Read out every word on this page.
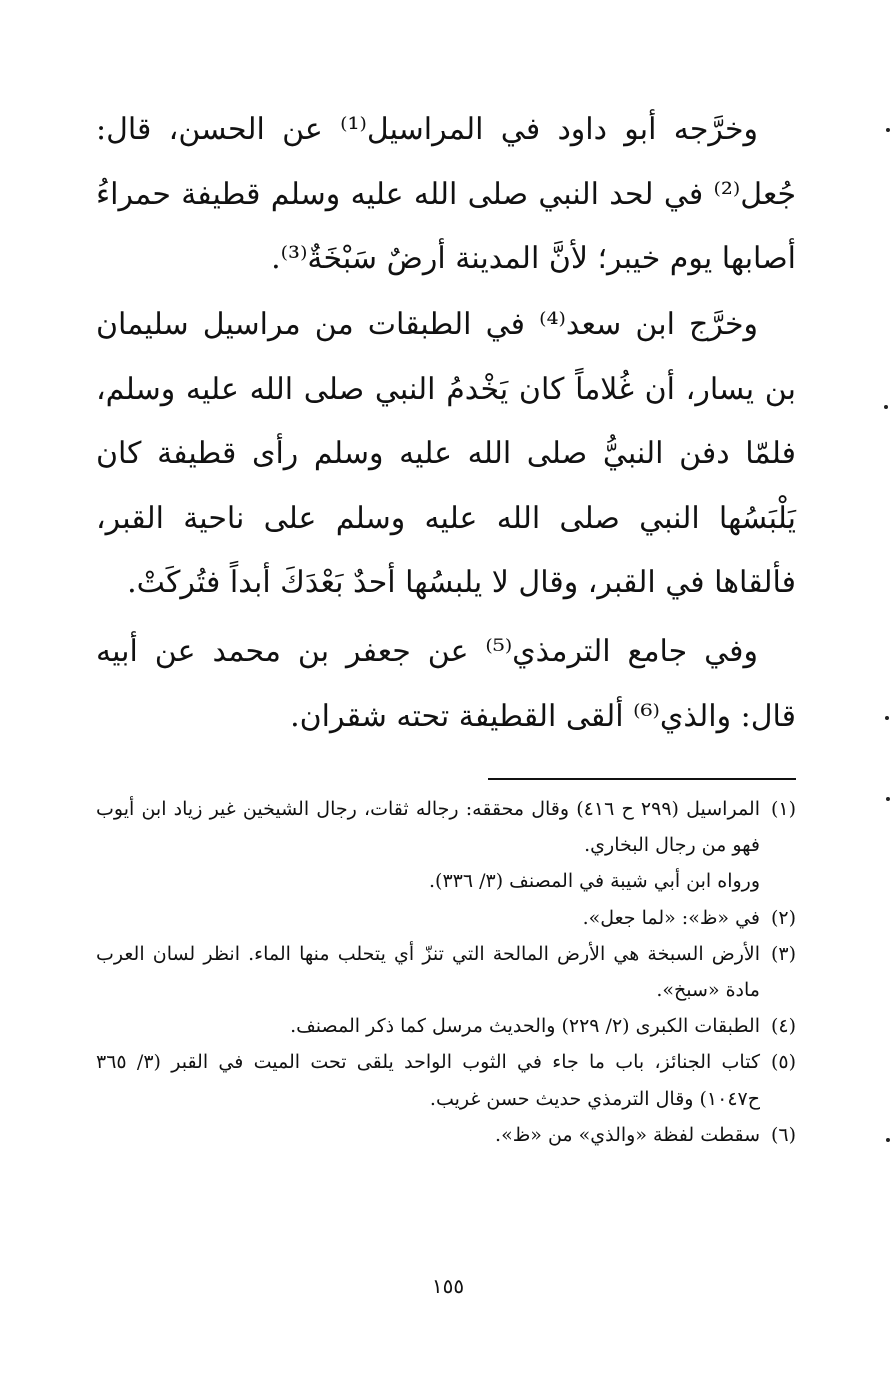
وخرَّجه أبو داود في المراسيل⁽¹⁾ عن الحسن، قال: جُعل⁽²⁾ في لحد النبي صلى الله عليه وسلم قطيفة حمراءُ أصابها يوم خيبر؛ لأنَّ المدينة أرضٌ سَبْخَةٌ⁽³⁾.

وخرَّج ابن سعد⁽⁴⁾ في الطبقات من مراسيل سليمان بن يسار، أن غُلاماً كان يَخْدمُ النبي صلى الله عليه وسلم، فلمّا دفن النبيُّ صلى الله عليه وسلم رأى قطيفة كان يَلْبَسُها النبي صلى الله عليه وسلم على ناحية القبر، فألقاها في القبر، وقال لا يلبسُها أحدٌ بَعْدَكَ أبداً فتُركَتْ.

وفي جامع الترمذي⁽⁵⁾ عن جعفر بن محمد عن أبيه قال: والذي⁽⁶⁾ ألقى القطيفة تحته شقران.

(١)
المراسيل (٢٩٩ ح ٤١٦) وقال محققه: رجاله ثقات، رجال الشيخين غير زياد ابن أيوب فهو من رجال البخاري.
ورواه ابن أبي شيبة في المصنف (٣/ ٣٣٦).
(٢)
في «ظ»: «لما جعل».
(٣)
الأرض السبخة هي الأرض المالحة التي تنزّ أي يتحلب منها الماء. انظر لسان العرب مادة «سبخ».
(٤)
الطبقات الكبرى (٢/ ٢٢٩) والحديث مرسل كما ذكر المصنف.
(٥)
كتاب الجنائز، باب ما جاء في الثوب الواحد يلقى تحت الميت في القبر (٣/ ٣٦٥ ح١٠٤٧) وقال الترمذي حديث حسن غريب.
(٦)
سقطت لفظة «والذي» من «ظ».
١٥٥
